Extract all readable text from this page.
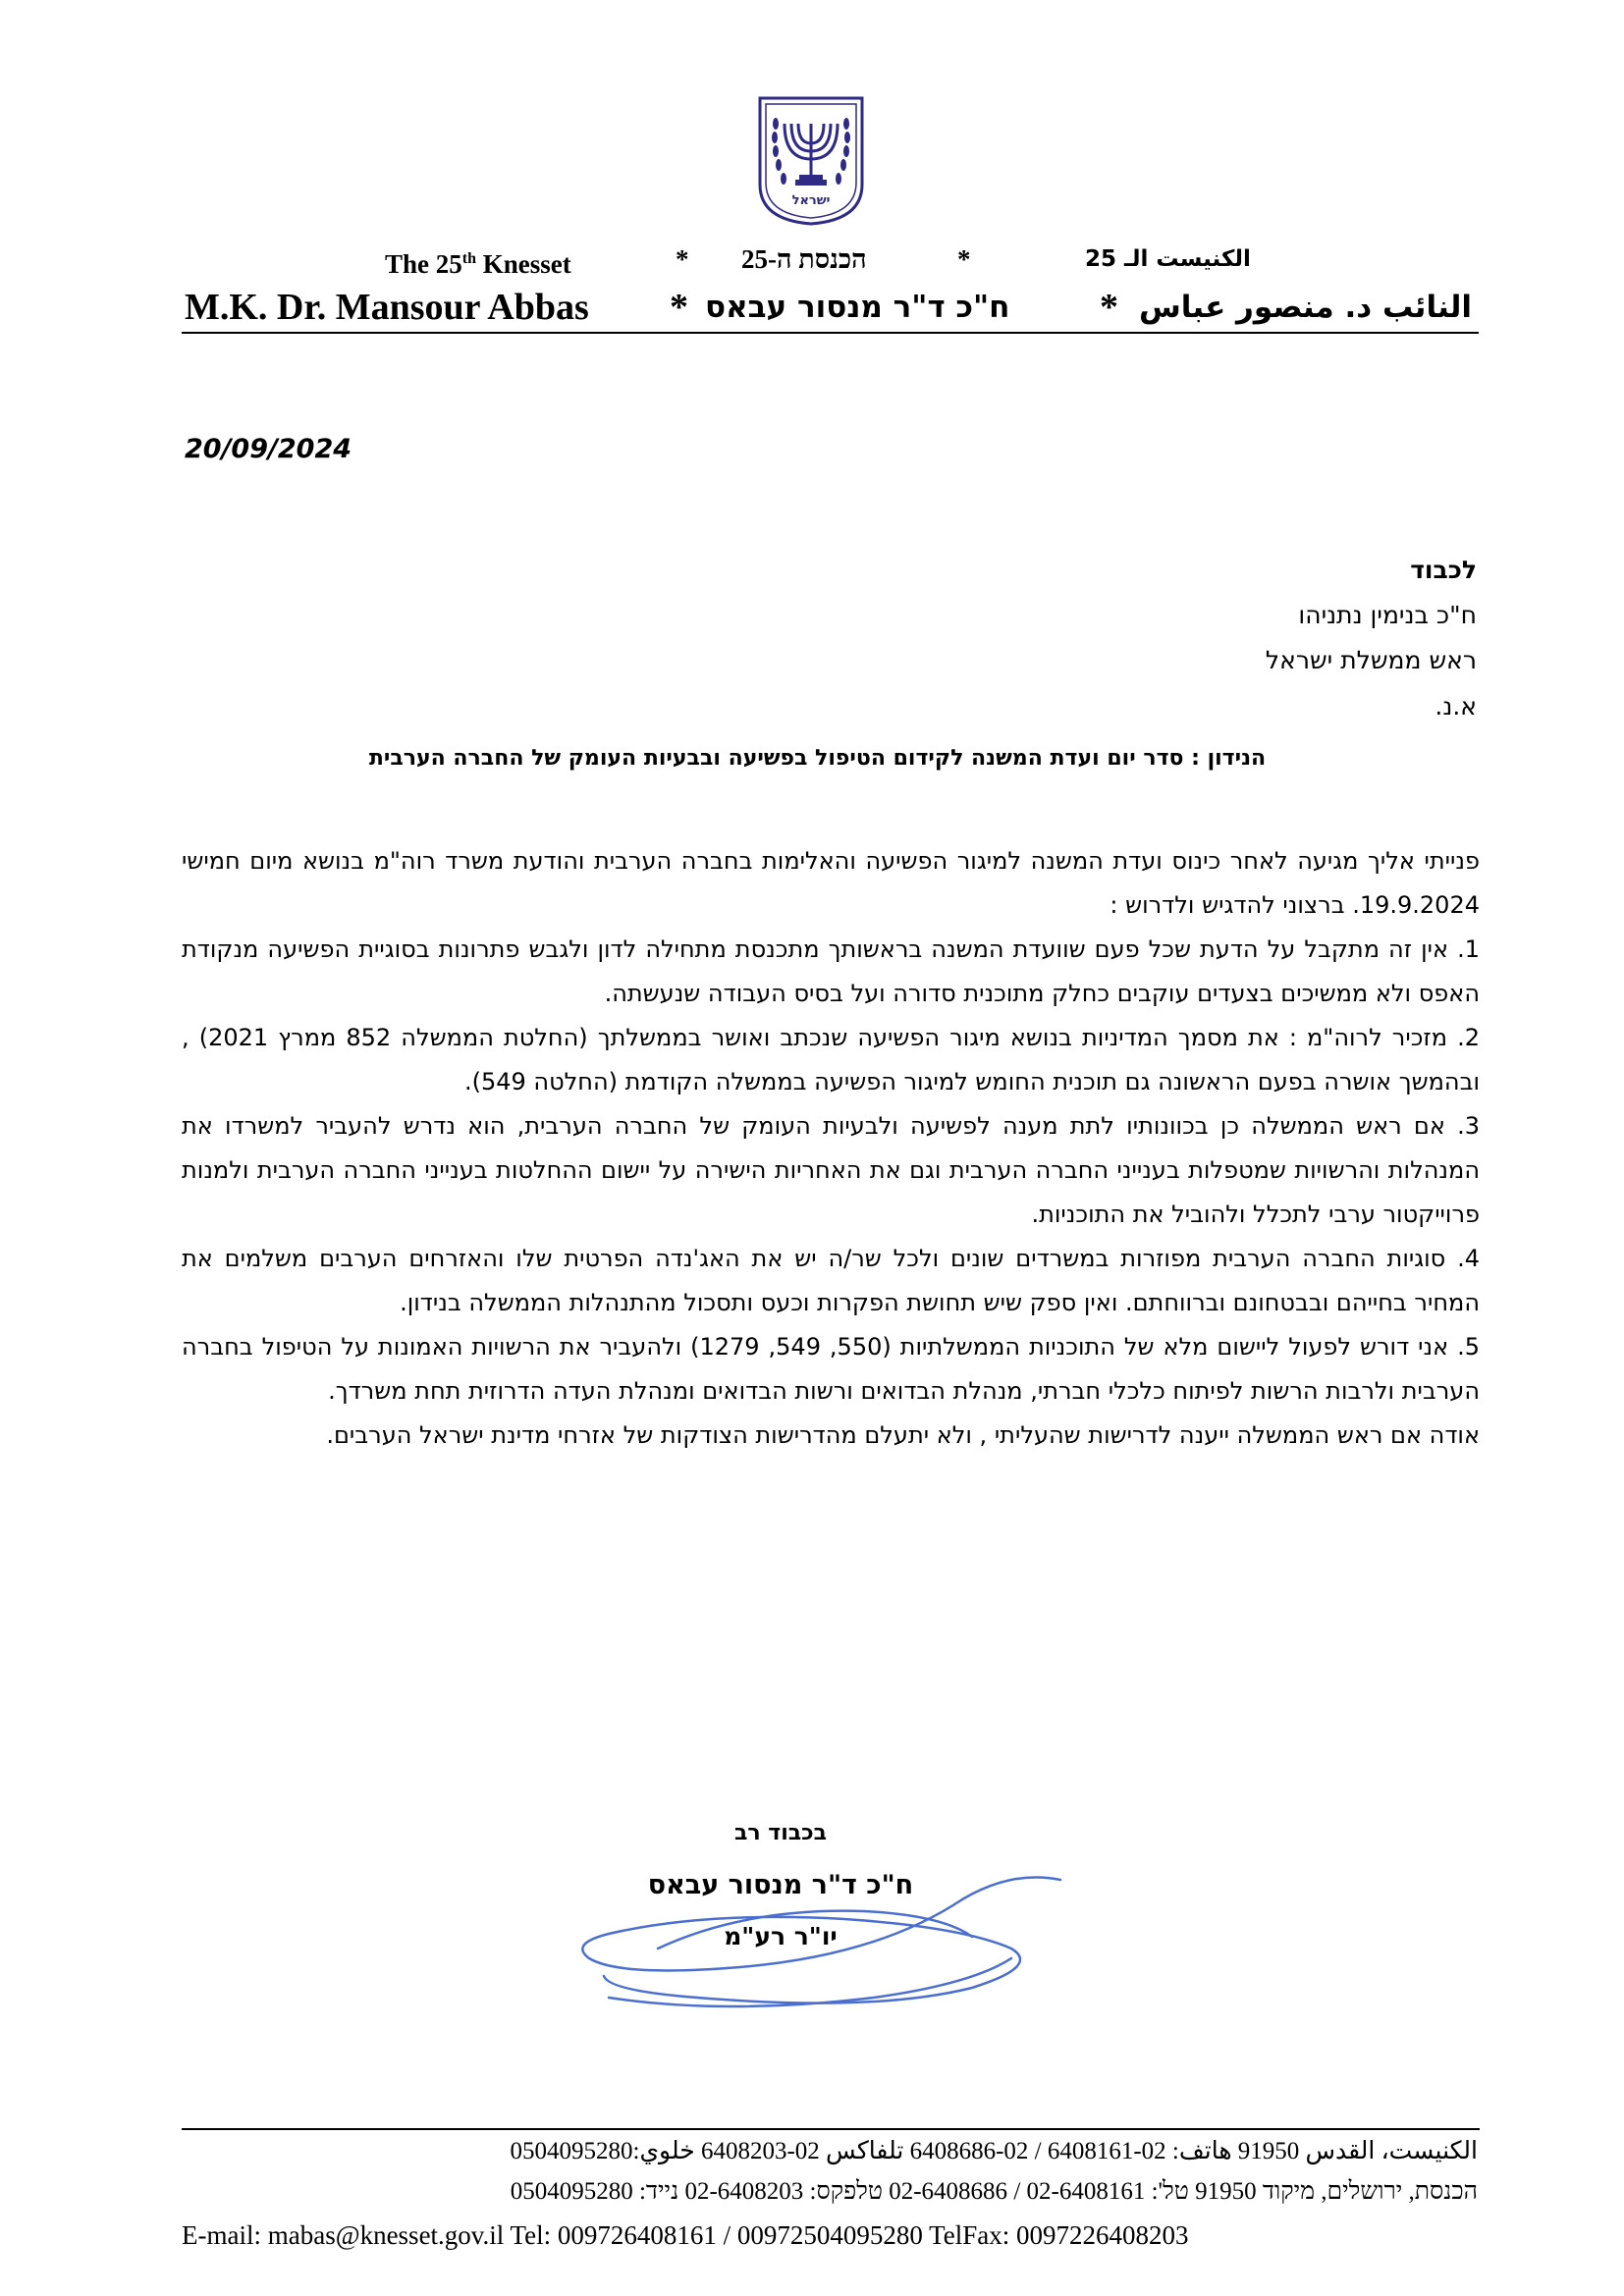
ישראל
The 25th Knesset	* הכנסת ה-25	*	الكنيست الـ 25
M.K. Dr. Mansour Abbas * ח"כ ד"ר מנסור עבאס * النائب د. منصور عباس
20/09/2024
לכבוד
ח"כ בנימין נתניהו
ראש ממשלת ישראל
א.נ.
הנידון : סדר יום ועדת המשנה לקידום הטיפול בפשיעה ובבעיות העומק של החברה הערבית

פנייתי אליך מגיעה לאחר כינוס ועדת המשנה למיגור הפשיעה והאלימות בחברה הערבית והודעת משרד רוה"מ בנושא מיום חמישי 19.9.2024. ברצוני להדגיש ולדרוש :

1. אין זה מתקבל על הדעת שכל פעם שוועדת המשנה בראשותך מתכנסת מתחילה לדון ולגבש פתרונות בסוגיית הפשיעה מנקודת האפס ולא ממשיכים בצעדים עוקבים כחלק מתוכנית סדורה ועל בסיס העבודה שנעשתה.

2. מזכיר לרוה"מ : את מסמך המדיניות בנושא מיגור הפשיעה שנכתב ואושר בממשלתך (החלטת הממשלה 852 ממרץ 2021) , ובהמשך אושרה בפעם הראשונה גם תוכנית החומש למיגור הפשיעה בממשלה הקודמת (החלטה 549).

3. אם ראש הממשלה כן בכוונותיו לתת מענה לפשיעה ולבעיות העומק של החברה הערבית, הוא נדרש להעביר למשרדו את המנהלות והרשויות שמטפלות בענייני החברה הערבית וגם את האחריות הישירה על יישום ההחלטות בענייני החברה הערבית ולמנות פרוייקטור ערבי לתכלל ולהוביל את התוכניות.

4. סוגיות החברה הערבית מפוזרות במשרדים שונים ולכל שר/ה יש את האג'נדה הפרטית שלו והאזרחים הערבים משלמים את המחיר בחייהם ובבטחונם וברווחתם. ואין ספק שיש תחושת הפקרות וכעס ותסכול מהתנהלות הממשלה בנידון.

5. אני דורש לפעול ליישום מלא של התוכניות הממשלתיות (550, 549, 1279) ולהעביר את הרשויות האמונות על הטיפול בחברה הערבית ולרבות הרשות לפיתוח כלכלי חברתי, מנהלת הבדואים ורשות הבדואים ומנהלת העדה הדרוזית תחת משרדך.

אודה אם ראש הממשלה ייענה לדרישות שהעליתי , ולא יתעלם מהדרישות הצודקות של אזרחי מדינת ישראל הערבים.

בכבוד רב
ח"כ ד"ר מנסור עבאס
יו"ר רע"מ
الكنيست، القدس 91950 هاتف: 02-6408161 / 02-6408686 تلفاكس 02-6408203 خلوي:0504095280
הכנסת, ירושלים, מיקוד 91950 טל': 02-6408161 / 02-6408686 טלפקס: 02-6408203 נייד: 0504095280
E-mail: mabas@knesset.gov.il Tel: 009726408161 / 00972504095280 TelFax: 0097226408203
